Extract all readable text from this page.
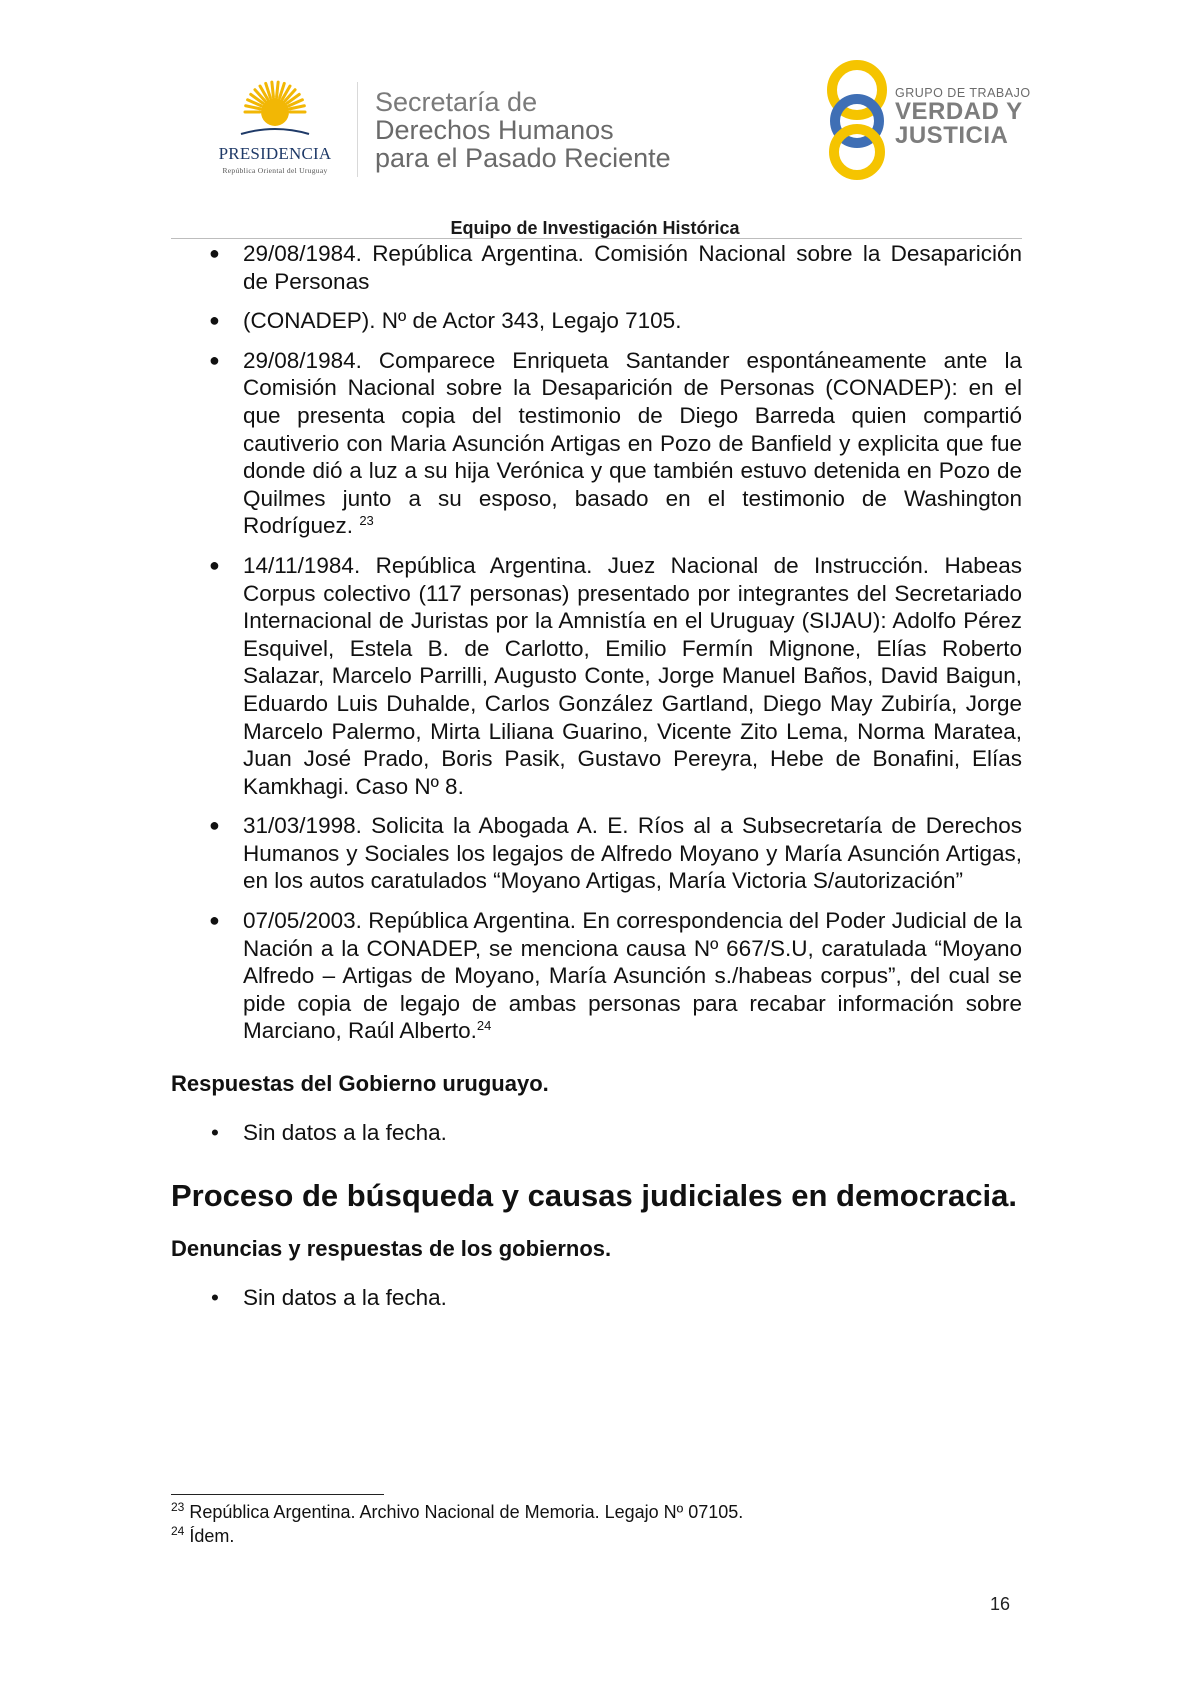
PRESIDENCIA
República Oriental del Uruguay
Secretaría de
Derechos Humanos
para el Pasado Reciente
GRUPO DE TRABAJO
VERDAD Y
JUSTICIA
Equipo de Investigación Histórica
● 29/08/1984. República Argentina. Comisión Nacional sobre la Desaparición de Personas
● (CONADEP). Nº de Actor 343, Legajo 7105.
● 29/08/1984. Comparece Enriqueta Santander espontáneamente ante la Comisión Nacional sobre la Desaparición de Personas (CONADEP): en el que presenta copia del testimonio de Diego Barreda quien compartió cautiverio con Maria Asunción Artigas en Pozo de Banfield y explicita que fue donde dió a luz a su hija Verónica y que también estuvo detenida en Pozo de Quilmes junto a su esposo, basado en el testimonio de Washington Rodríguez. $^{23}$
● 14/11/1984. República Argentina. Juez Nacional de Instrucción. Habeas Corpus colectivo (117 personas) presentado por integrantes del Secretariado Internacional de Juristas por la Amnistía en el Uruguay (SIJAU): Adolfo Pérez Esquivel, Estela B. de Carlotto, Emilio Fermín Mignone, Elías Roberto Salazar, Marcelo Parrilli, Augusto Conte, Jorge Manuel Baños, David Baigun, Eduardo Luis Duhalde, Carlos González Gartland, Diego May Zubiría, Jorge Marcelo Palermo, Mirta Liliana Guarino, Vicente Zito Lema, Norma Maratea, Juan José Prado, Boris Pasik, Gustavo Pereyra, Hebe de Bonafini, Elías Kamkhagi. Caso Nº 8.
● 31/03/1998. Solicita la Abogada A. E. Ríos al a Subsecretaría de Derechos Humanos y Sociales los legajos de Alfredo Moyano y María Asunción Artigas, en los autos caratulados “Moyano Artigas, María Victoria S/autorización”
● 07/05/2003. República Argentina. En correspondencia del Poder Judicial de la Nación a la CONADEP, se menciona causa Nº 667/S.U, caratulada “Moyano Alfredo – Artigas de Moyano, María Asunción s./habeas corpus”, del cual se pide copia de legajo de ambas personas para recabar información sobre Marciano, Raúl Alberto.$^{24}$

Respuestas del Gobierno uruguayo.

• Sin datos a la fecha.
Proceso de búsqueda y causas judiciales en democracia.

Denuncias y respuestas de los gobiernos.

• Sin datos a la fecha.
$^{23}$ República Argentina. Archivo Nacional de Memoria. Legajo Nº 07105.
$^{24}$ Ídem.
16
